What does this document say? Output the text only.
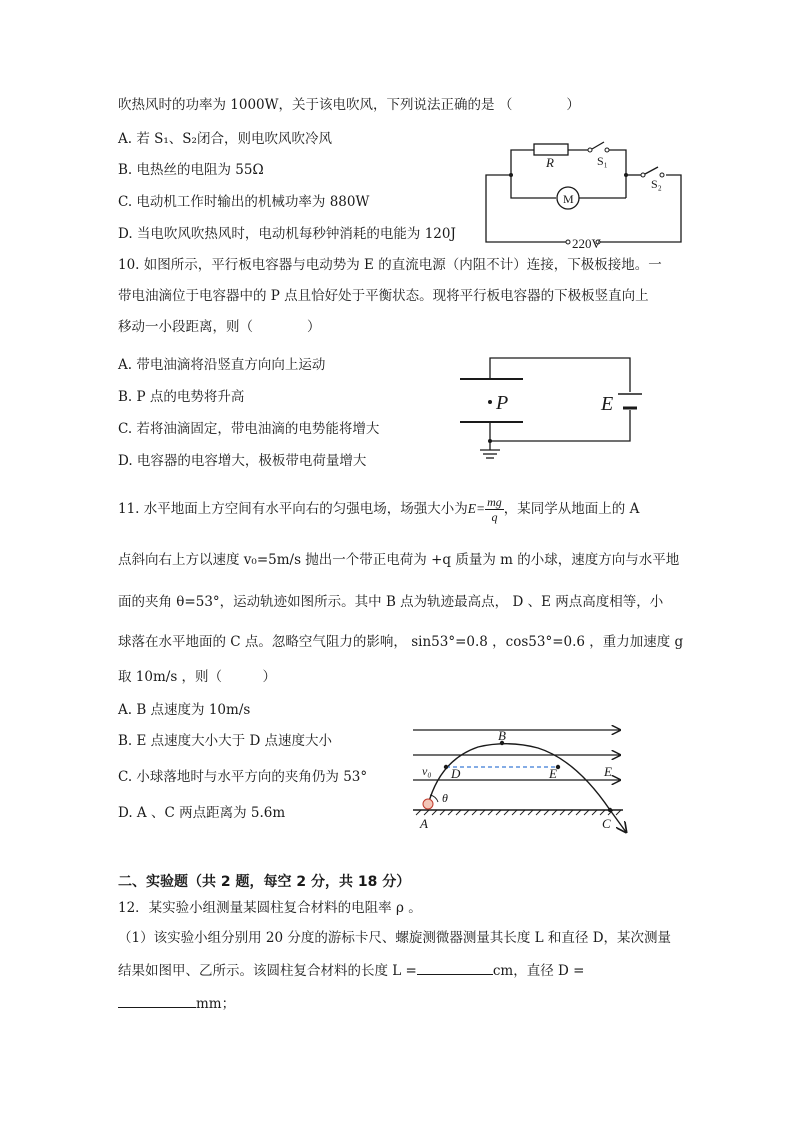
吹热风时的功率为 1000W，关于该电吹风，下列说法正确的是 （　　　　）
A. 若 S₁、S₂闭合，则电吹风吹冷风
B. 电热丝的电阻为 55Ω
C. 电动机工作时输出的机械功率为 880W
D. 当电吹风吹热风时，电动机每秒钟消耗的电能为 120J
R
M
S₁
S₂
220V
10. 如图所示，平行板电容器与电动势为 E 的直流电源（内阻不计）连接，下极板接地。一
带电油滴位于电容器中的 P 点且恰好处于平衡状态。现将平行板电容器的下极板竖直向上
移动一小段距离，则（　　　　）
A. 带电油滴将沿竖直方向向上运动
B. P 点的电势将升高
C. 若将油滴固定，带电油滴的电势能将增大
D. 电容器的电容增大，极板带电荷量增大
P	E
11. 水平地面上方空间有水平向右的匀强电场，场强大小为$E= \frac{mg}{q}$ ，某同学从地面上的 A
点斜向右上方以速度 v₀=5m/s 抛出一个带正电荷为 +q 质量为 m 的小球，速度方向与水平地
面的夹角 θ=53°，运动轨迹如图所示。其中 B 点为轨迹最高点， D 、E 两点高度相等，小
球落在水平地面的 C 点。忽略空气阻力的影响， sin53°=0.8 ，cos53°=0.6 ，重力加速度 g
取 10m/s ，则（　　　）
A. B 点速度为 10m/s
B. E 点速度大小大于 D 点速度大小
C. 小球落地时与水平方向的夹角仍为 53°
D. A 、C 两点距离为 5.6m
B
D	E	E
v₀
θ
A	C
二、实验题（共 2 题，每空 2 分，共 18 分）
12．某实验小组测量某圆柱复合材料的电阻率 ρ 。
（1）该实验小组分别用 20 分度的游标卡尺、螺旋测微器测量其长度 L 和直径 D，某次测量
结果如图甲、乙所示。该圆柱复合材料的长度 L =	cm，直径 D =
mm；
